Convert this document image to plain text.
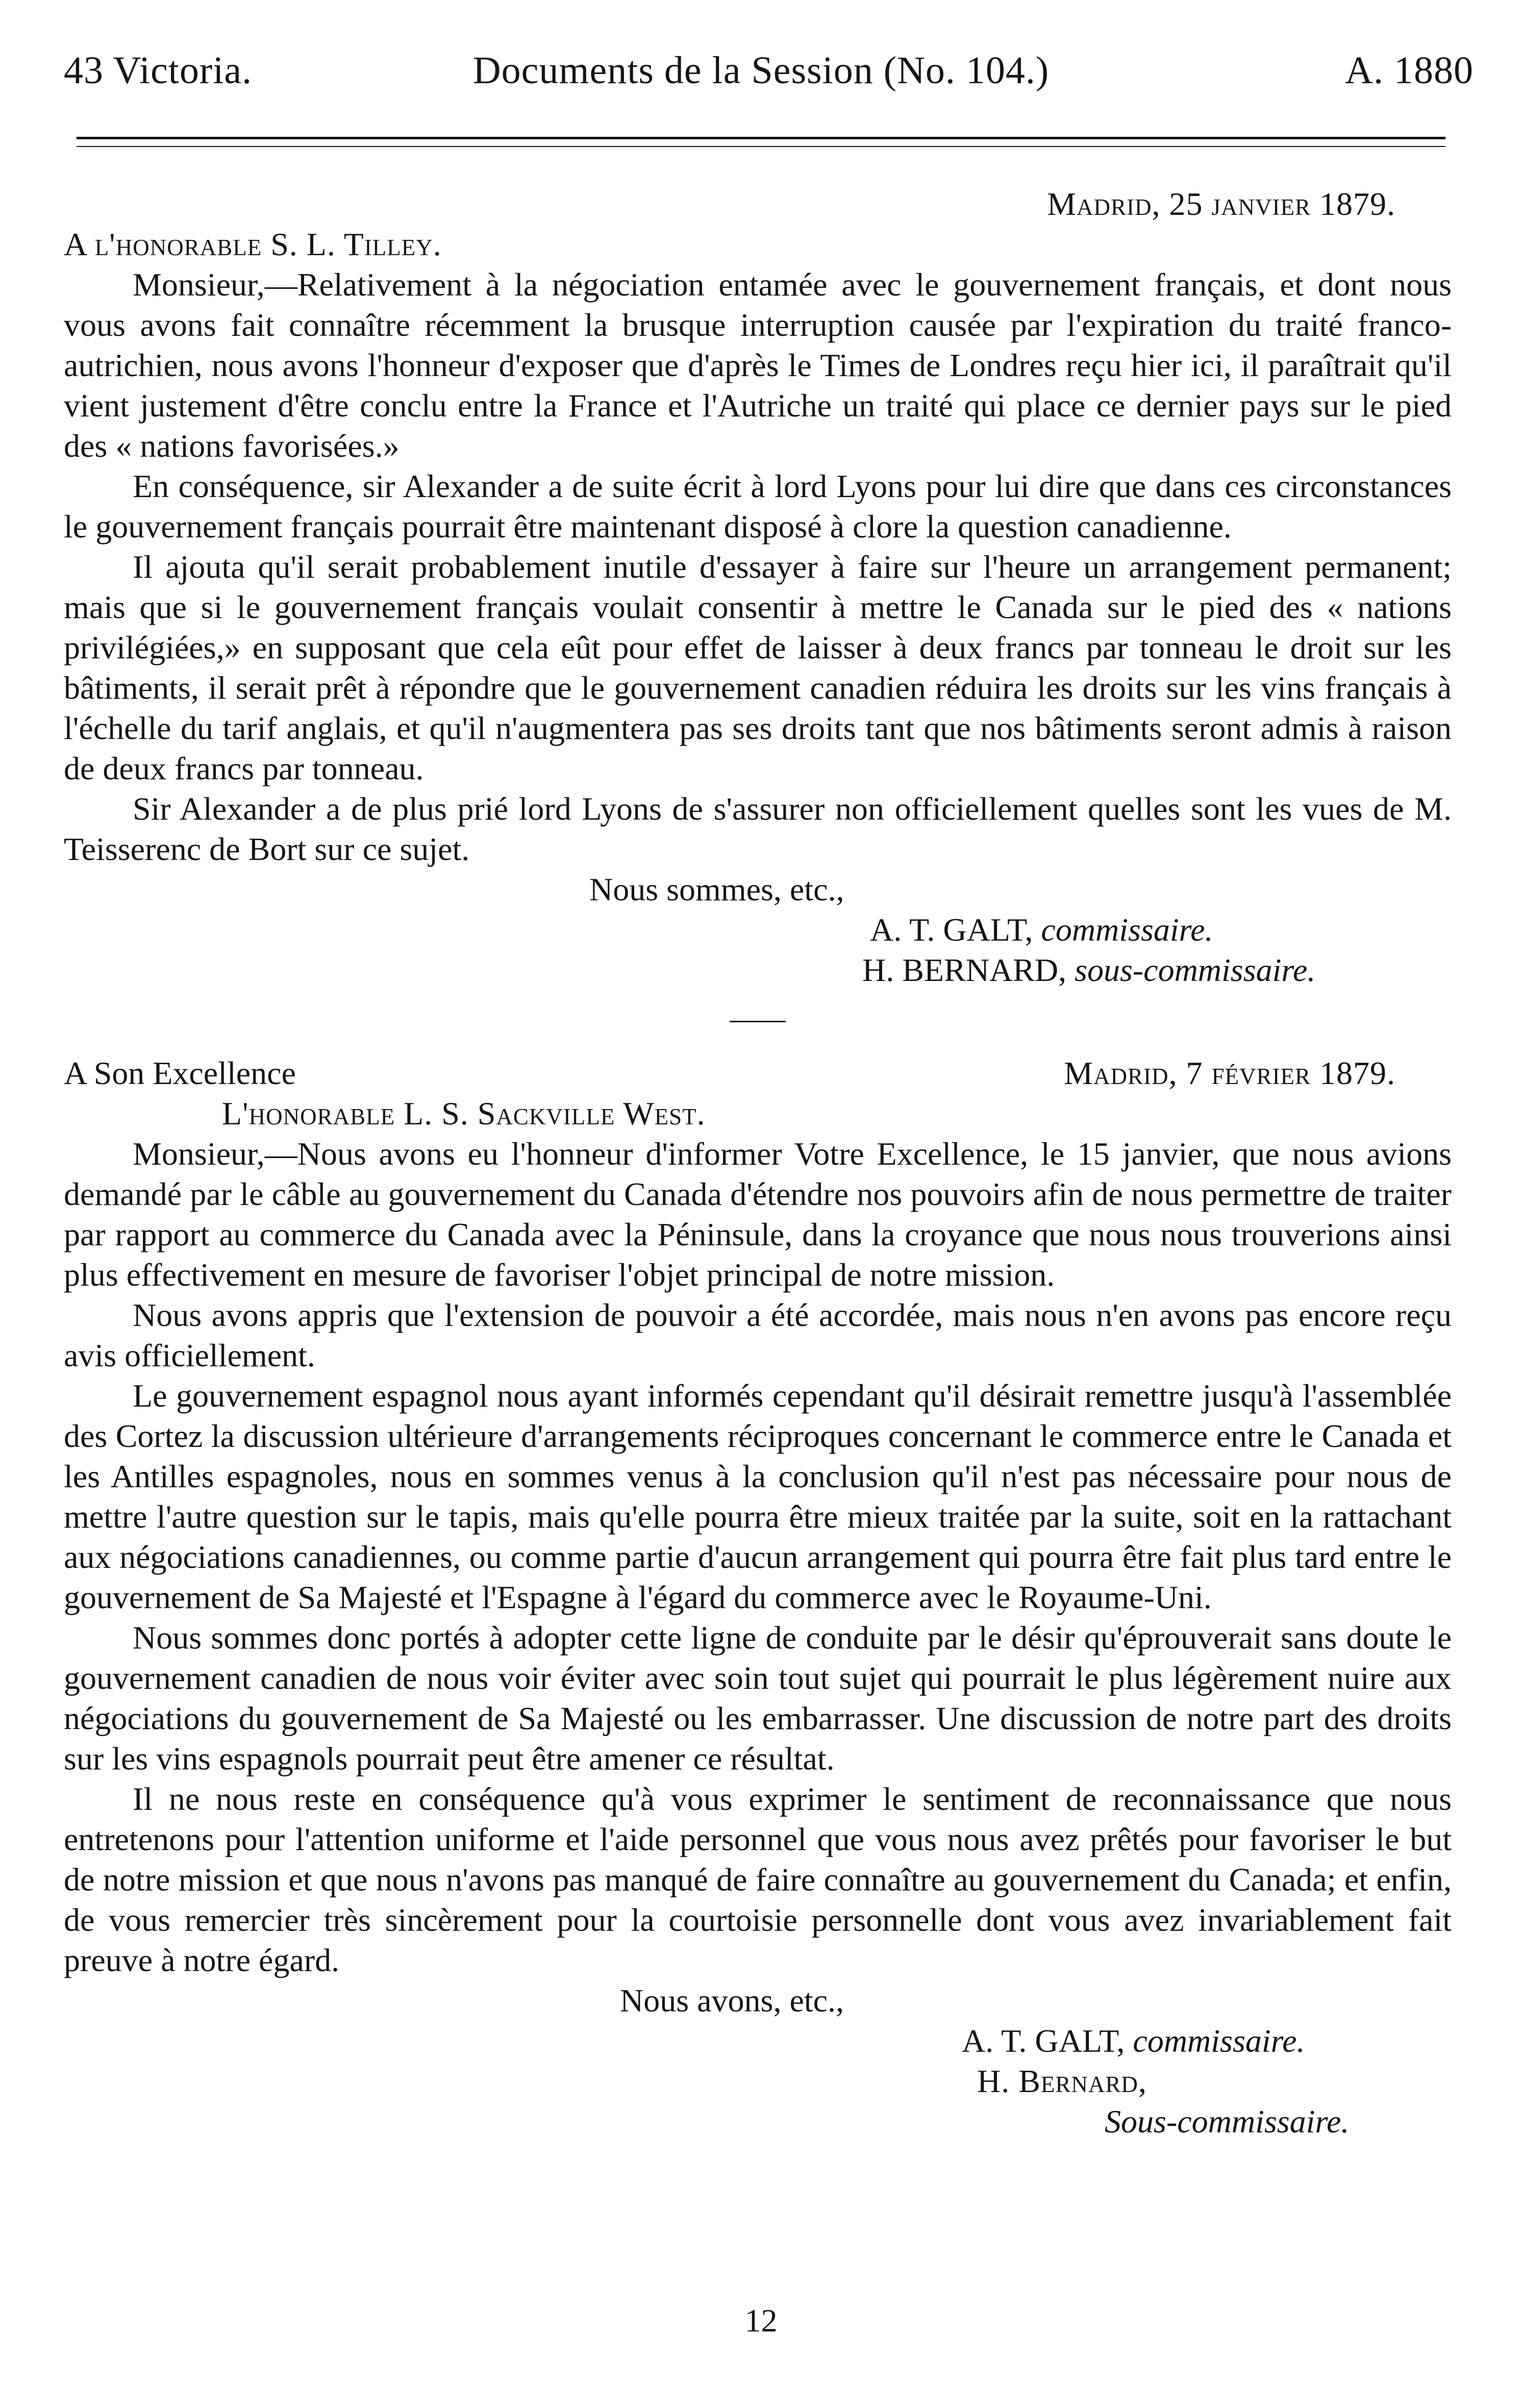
43 Victoria.	Documents de la Session (No. 104.)	A. 1880
Madrid, 25 janvier 1879.
A l'honorable S. L. Tilley.

Monsieur,—Relativement à la négociation entamée avec le gouvernement français, et dont nous vous avons fait connaître récemment la brusque interruption causée par l'expiration du traité franco-autrichien, nous avons l'honneur d'exposer que d'après le Times de Londres reçu hier ici, il paraîtrait qu'il vient justement d'être conclu entre la France et l'Autriche un traité qui place ce dernier pays sur le pied des « nations favorisées.»

En conséquence, sir Alexander a de suite écrit à lord Lyons pour lui dire que dans ces circonstances le gouvernement français pourrait être maintenant disposé à clore la question canadienne.

Il ajouta qu'il serait probablement inutile d'essayer à faire sur l'heure un arrangement permanent; mais que si le gouvernement français voulait consentir à mettre le Canada sur le pied des « nations privilégiées,» en supposant que cela eût pour effet de laisser à deux francs par tonneau le droit sur les bâtiments, il serait prêt à répondre que le gouvernement canadien réduira les droits sur les vins français à l'échelle du tarif anglais, et qu'il n'augmentera pas ses droits tant que nos bâtiments seront admis à raison de deux francs par tonneau.

Sir Alexander a de plus prié lord Lyons de s'assurer non officiellement quelles sont les vues de M. Teisserenc de Bort sur ce sujet.

Nous sommes, etc.,
A. T. GALT, commissaire.
H. BERNARD, sous-commissaire.
A Son Excellence	Madrid, 7 février 1879.
L'honorable L. S. Sackville West.

Monsieur,—Nous avons eu l'honneur d'informer Votre Excellence, le 15 janvier, que nous avions demandé par le câble au gouvernement du Canada d'étendre nos pouvoirs afin de nous permettre de traiter par rapport au commerce du Canada avec la Péninsule, dans la croyance que nous nous trouverions ainsi plus effectivement en mesure de favoriser l'objet principal de notre mission.

Nous avons appris que l'extension de pouvoir a été accordée, mais nous n'en avons pas encore reçu avis officiellement.

Le gouvernement espagnol nous ayant informés cependant qu'il désirait remettre jusqu'à l'assemblée des Cortez la discussion ultérieure d'arrangements réciproques concernant le commerce entre le Canada et les Antilles espagnoles, nous en sommes venus à la conclusion qu'il n'est pas nécessaire pour nous de mettre l'autre question sur le tapis, mais qu'elle pourra être mieux traitée par la suite, soit en la rattachant aux négociations canadiennes, ou comme partie d'aucun arrangement qui pourra être fait plus tard entre le gouvernement de Sa Majesté et l'Espagne à l'égard du commerce avec le Royaume-Uni.

Nous sommes donc portés à adopter cette ligne de conduite par le désir qu'éprouverait sans doute le gouvernement canadien de nous voir éviter avec soin tout sujet qui pourrait le plus légèrement nuire aux négociations du gouvernement de Sa Majesté ou les embarrasser. Une discussion de notre part des droits sur les vins espagnols pourrait peut être amener ce résultat.

Il ne nous reste en conséquence qu'à vous exprimer le sentiment de reconnaissance que nous entretenons pour l'attention uniforme et l'aide personnel que vous nous avez prêtés pour favoriser le but de notre mission et que nous n'avons pas manqué de faire connaître au gouvernement du Canada; et enfin, de vous remercier très sincèrement pour la courtoisie personnelle dont vous avez invariablement fait preuve à notre égard.

Nous avons, etc.,
A. T. GALT, commissaire.
H. Bernard,
Sous-commissaire.
12
